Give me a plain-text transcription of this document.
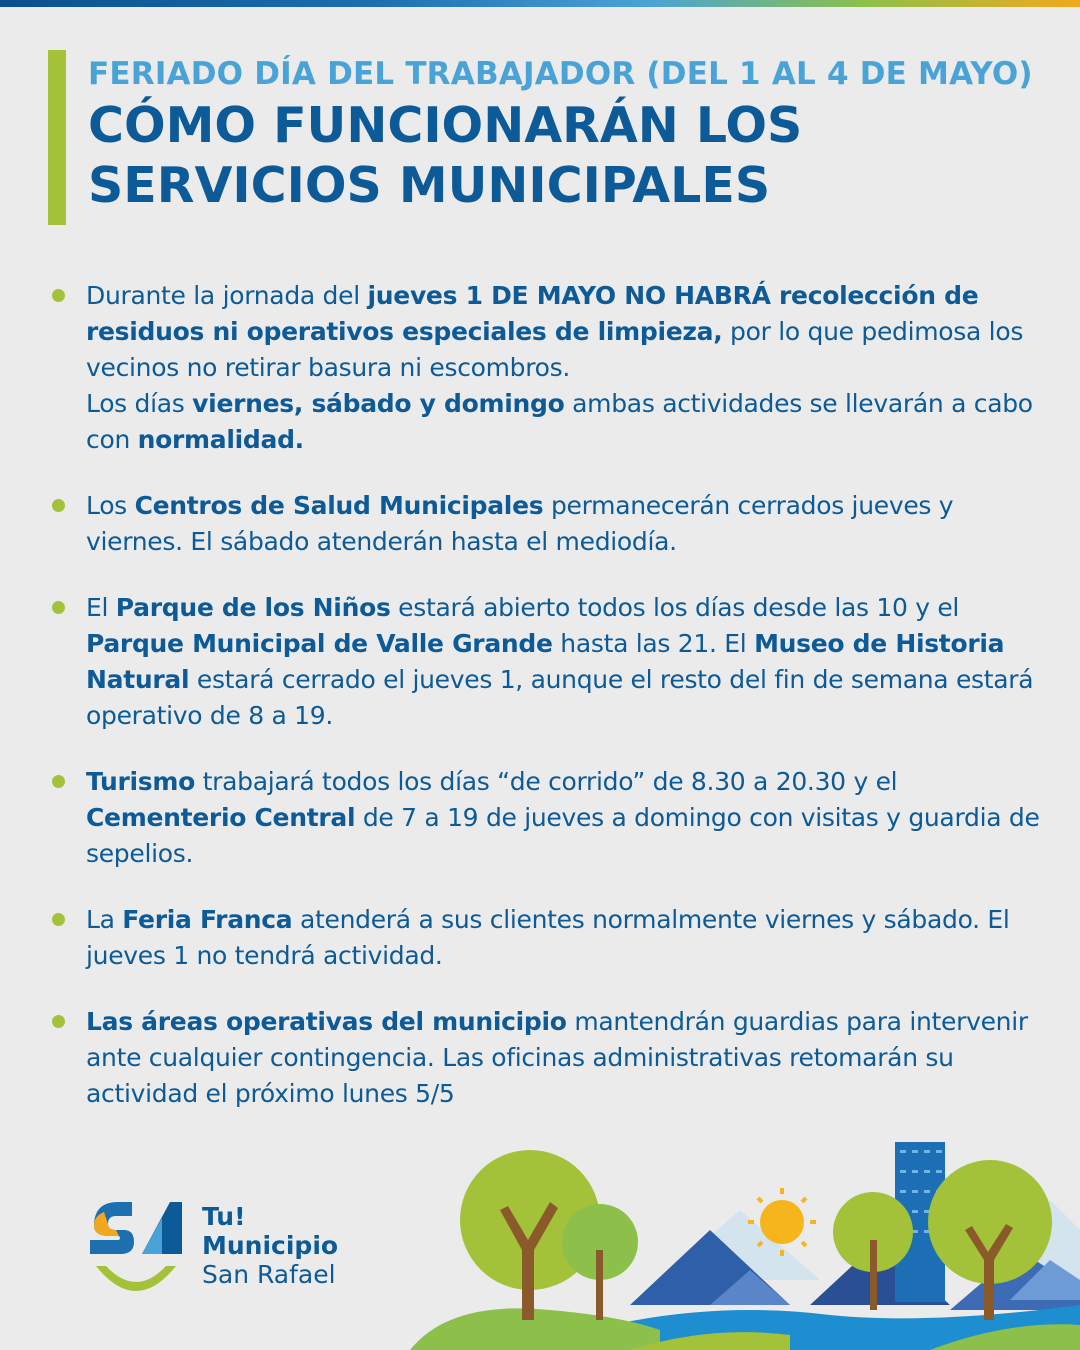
FERIADO DÍA DEL TRABAJADOR (DEL 1 AL 4 DE MAYO)
CÓMO FUNCIONARÁN LOS
SERVICIOS MUNICIPALES

Durante la jornada del jueves 1 DE MAYO NO HABRÁ recolección de residuos ni operativos especiales de limpieza, por lo que pedimosa los vecinos no retirar basura ni escombros.

Los días viernes, sábado y domingo ambas actividades se llevarán a cabo con normalidad.

Los Centros de Salud Municipales permanecerán cerrados jueves y viernes. El sábado atenderán hasta el mediodía.

El Parque de los Niños estará abierto todos los días desde las 10 y el Parque Municipal de Valle Grande hasta las 21. El Museo de Historia Natural estará cerrado el jueves 1, aunque el resto del fin de semana estará operativo de 8 a 19.

Turismo trabajará todos los días “de corrido” de 8.30 a 20.30 y el Cementerio Central de 7 a 19 de jueves a domingo con visitas y guardia de sepelios.

La Feria Franca atenderá a sus clientes normalmente viernes y sábado. El jueves 1 no tendrá actividad.

Las áreas operativas del municipio mantendrán guardias para intervenir ante cualquier contingencia. Las oficinas administrativas retomarán su actividad el próximo lunes 5/5

Tu!
Municipio
San Rafael
